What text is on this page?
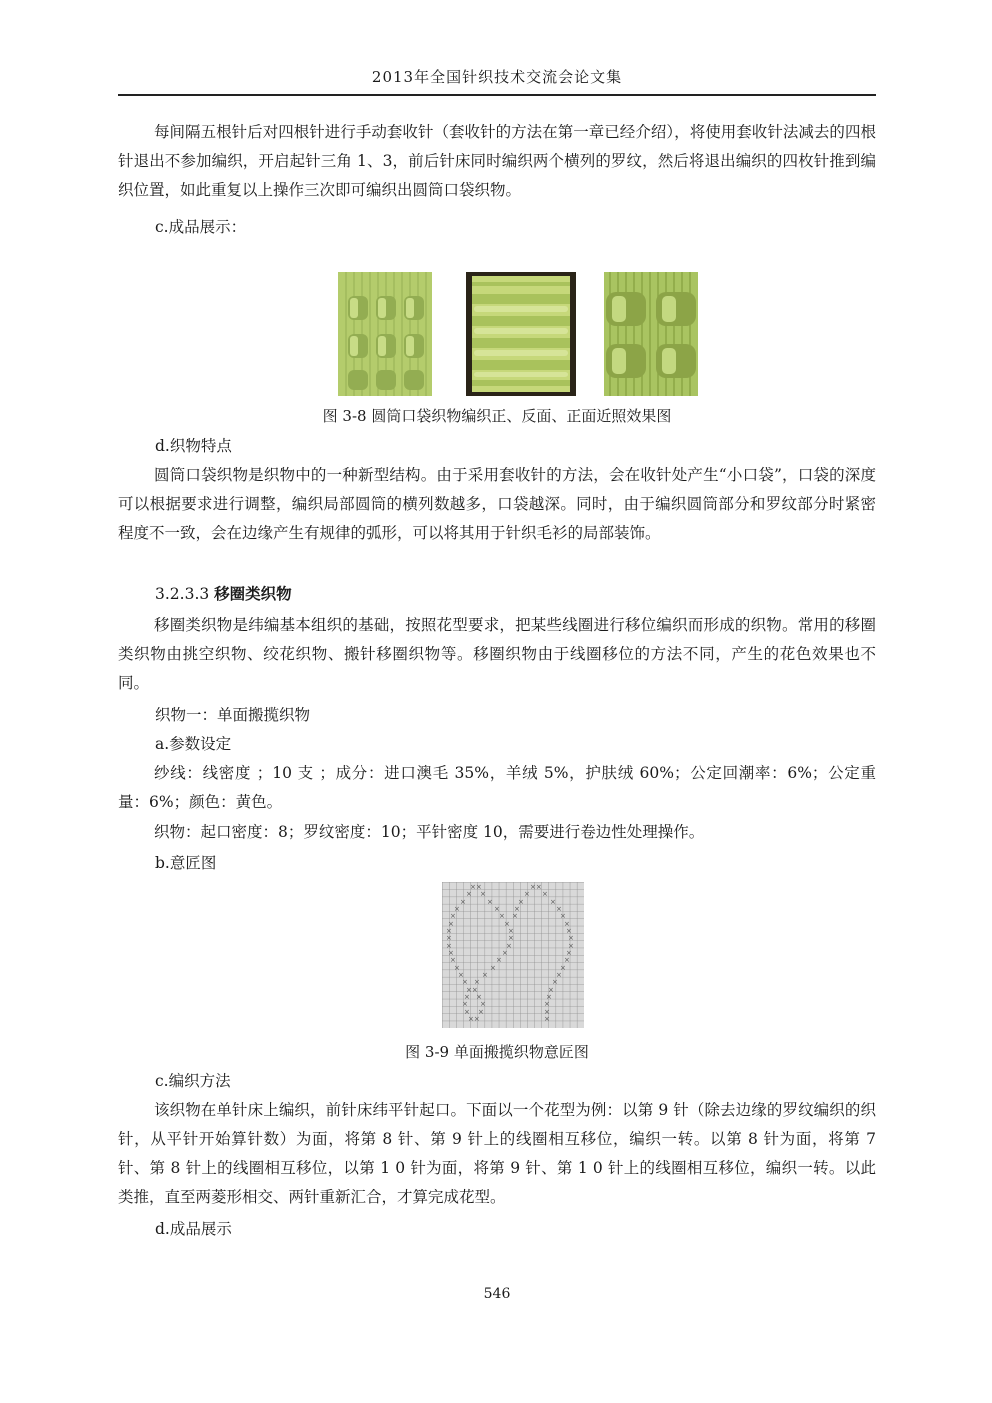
2013年全国针织技术交流会论文集

每间隔五根针后对四根针进行手动套收针（套收针的方法在第一章已经介绍），将使用套收针法减去的四根针退出不参加编织，开启起针三角 1、3，前后针床同时编织两个横列的罗纹，然后将退出编织的四枚针推到编织位置，如此重复以上操作三次即可编织出圆筒口袋织物。

c.成品展示：

图 3-8 圆筒口袋织物编织正、反面、正面近照效果图

d.织物特点

圆筒口袋织物是织物中的一种新型结构。由于采用套收针的方法，会在收针处产生“小口袋”，口袋的深度可以根据要求进行调整，编织局部圆筒的横列数越多，口袋越深。同时，由于编织圆筒部分和罗纹部分时紧密程度不一致，会在边缘产生有规律的弧形，可以将其用于针织毛衫的局部装饰。

3.2.3.3 移圈类织物

移圈类织物是纬编基本组织的基础，按照花型要求，把某些线圈进行移位编织而形成的织物。常用的移圈类织物由挑空织物、绞花织物、搬针移圈织物等。移圈织物由于线圈移位的方法不同，产生的花色效果也不同。

织物一：单面搬揽织物

a.参数设定

纱线：线密度 ；10 支 ；成分：进口澳毛 35%，羊绒 5%，护肤绒 60%；公定回潮率：6%；公定重量：6%；颜色：黄色。

织物：起口密度：8；罗纹密度：10；平针密度 10，需要进行卷边性处理操作。

b.意匠图

××
× ×
×	×
×	×
×	×
×	×
×	×
×	×
×	×
×	×
×	×
×	×
×	×
× ×
××
× ×
× ×
× ×
××
××
× ×
×	×
×	×
×	×
×
×
×
×
×
×
×
×
×
×
×
×
×
×
图 3-9 单面搬揽织物意匠图

c.编织方法

该织物在单针床上编织，前针床纬平针起口。下面以一个花型为例：以第 9 针（除去边缘的罗纹编织的织针，从平针开始算针数）为面，将第 8 针、第 9 针上的线圈相互移位，编织一转。以第 8 针为面，将第 7 针、第 8 针上的线圈相互移位，以第 1 0 针为面，将第 9 针、第 1 0 针上的线圈相互移位，编织一转。以此类推，直至两菱形相交、两针重新汇合，才算完成花型。

d.成品展示

546
